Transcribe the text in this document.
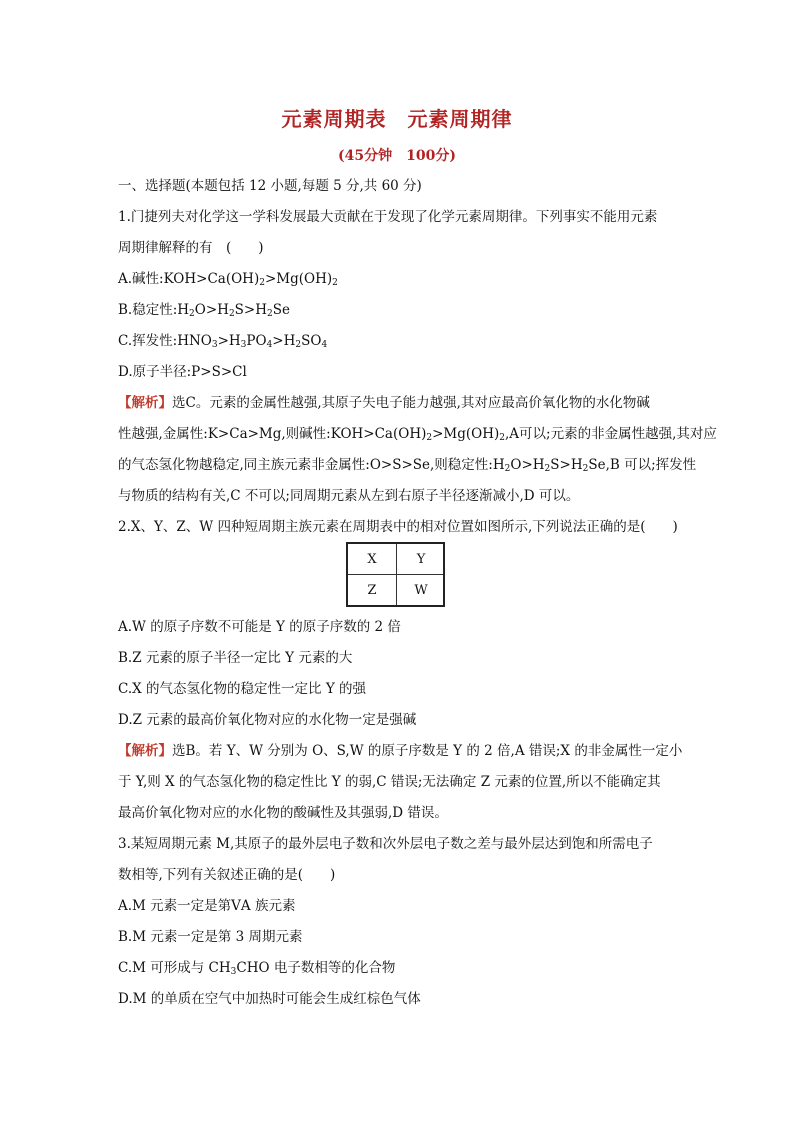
元素周期表　元素周期律
(45分钟　100分)
一、选择题(本题包括 12 小题,每题 5 分,共 60 分)
1.门捷列夫对化学这一学科发展最大贡献在于发现了化学元素周期律。下列事实不能用元素
周期律解释的有　(　　)
A.碱性$:KOH>Ca(OH)_2>Mg(OH)_2$
B.稳定性$:H_2O>H_2S>H_2Se$
C.挥发性$:HNO_3>H_3PO_4>H_2SO_4$
D.原子半径:P>S>Cl
【解析】选C。元素的金属性越强,其原子失电子能力越强,其对应最高价氧化物的水化物碱
性越强,金属性:K>Ca>Mg,则碱性$:KOH>Ca(OH)_2>Mg(OH)_2,A$可以;元素的非金属性越强,其对应
的气态氢化物越稳定,同主族元素非金属性:O>S>Se,则稳定性$:H_2O>H_2S>H_2Se,B$ 可以;挥发性
与物质的结构有关,C 不可以;同周期元素从左到右原子半径逐渐减小,D 可以。
2.X、Y、Z、W 四种短周期主族元素在周期表中的相对位置如图所示,下列说法正确的是(　　)
X	Y
Z	W
A.W 的原子序数不可能是 Y 的原子序数的 2 倍
B.Z 元素的原子半径一定比 Y 元素的大
C.X 的气态氢化物的稳定性一定比 Y 的强
D.Z 元素的最高价氧化物对应的水化物一定是强碱
【解析】选B。若 Y、W 分别为 O、S,W 的原子序数是 Y 的 2 倍,A 错误;X 的非金属性一定小
于 Y,则 X 的气态氢化物的稳定性比 Y 的弱,C 错误;无法确定 Z 元素的位置,所以不能确定其
最高价氧化物对应的水化物的酸碱性及其强弱,D 错误。
3.某短周期元素 M,其原子的最外层电子数和次外层电子数之差与最外层达到饱和所需电子
数相等,下列有关叙述正确的是(　　)
A.M 元素一定是第ⅤA 族元素
B.M 元素一定是第 3 周期元素
C.M 可形成与 $CH_3CHO$ 电子数相等的化合物
D.M 的单质在空气中加热时可能会生成红棕色气体
